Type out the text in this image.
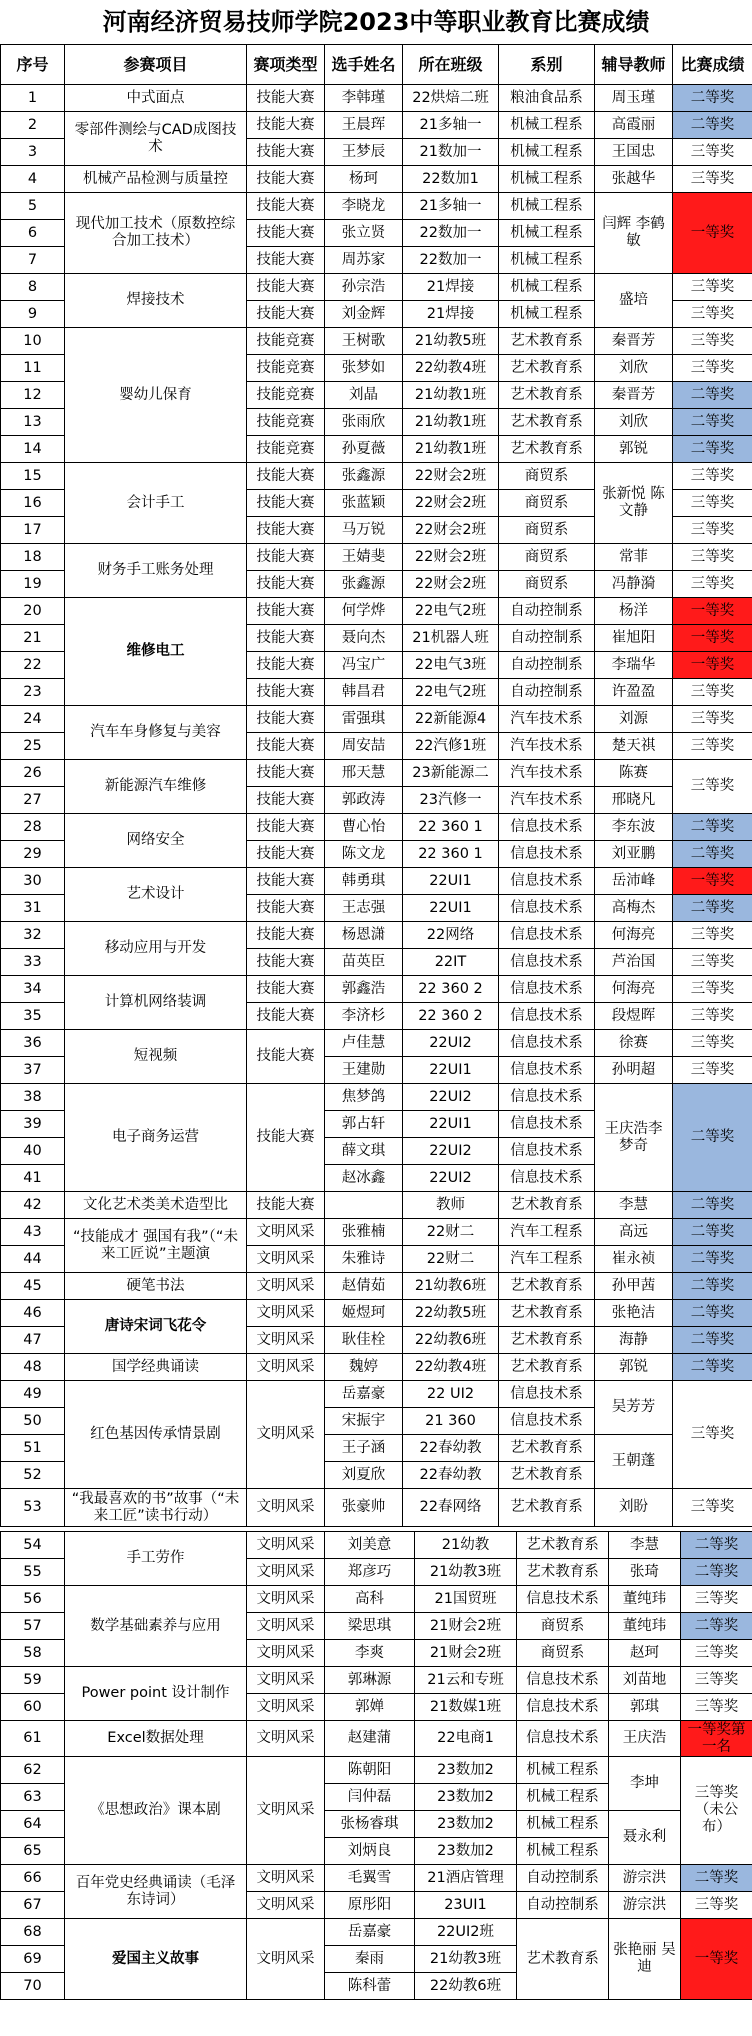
河南经济贸易技师学院2023中等职业教育比赛成绩
序号	参赛项目	赛项类型	选手姓名	所在班级	系别	辅导教师	比赛成绩
1	中式面点	技能大赛	李韩瑾	22烘焙二班	粮油食品系	周玉瑾	二等奖
2	零部件测绘与CAD成图技术	技能大赛	王晨珲	21多轴一	机械工程系	高霞丽	二等奖
3		技能大赛	王梦辰	21数加一	机械工程系	王国忠	三等奖
4	机械产品检测与质量控	技能大赛	杨珂	22数加1	机械工程系	张越华	三等奖
5	现代加工技术（原数控综合加工技术）	技能大赛	李晓龙	21多轴一	机械工程系	闫辉 李鹤敏	一等奖
6		技能大赛	张立贤	22数加一	机械工程系		
7		技能大赛	周苏家	22数加一	机械工程系		
8	焊接技术	技能大赛	孙宗浩	21焊接	机械工程系	盛培	三等奖
9		技能大赛	刘金辉	21焊接	机械工程系		三等奖
10	婴幼儿保育	技能竞赛	王树歌	21幼教5班	艺术教育系	秦晋芳	三等奖
11		技能竞赛	张梦如	22幼教4班	艺术教育系	刘欣	三等奖
12		技能竞赛	刘晶	21幼教1班	艺术教育系	秦晋芳	二等奖
13		技能竞赛	张雨欣	21幼教1班	艺术教育系	刘欣	二等奖
14		技能竞赛	孙夏薇	21幼教1班	艺术教育系	郭锐	二等奖
15	会计手工	技能大赛	张鑫源	22财会2班	商贸系	张新悦 陈文静	三等奖
16		技能大赛	张蓝颖	22财会2班	商贸系		三等奖
17		技能大赛	马万锐	22财会2班	商贸系		三等奖
18	财务手工账务处理	技能大赛	王婧斐	22财会2班	商贸系	常菲	三等奖
19		技能大赛	张鑫源	22财会2班	商贸系	冯静漪	三等奖
20	维修电工	技能大赛	何学烨	22电气2班	自动控制系	杨洋	一等奖
21		技能大赛	聂向杰	21机器人班	自动控制系	崔旭阳	一等奖
22		技能大赛	冯宝广	22电气3班	自动控制系	李瑞华	一等奖
23		技能大赛	韩昌君	22电气2班	自动控制系	许盈盈	三等奖
24	汽车车身修复与美容	技能大赛	雷强琪	22新能源4	汽车技术系	刘源	三等奖
25		技能大赛	周安喆	22汽修1班	汽车技术系	楚天祺	三等奖
26	新能源汽车维修	技能大赛	邢天慧	23新能源二	汽车技术系	陈赛	三等奖
27		技能大赛	郭政涛	23汽修一	汽车技术系	邢晓凡	
28	网络安全	技能大赛	曹心怡	22 360 1	信息技术系	李东波	二等奖
29		技能大赛	陈文龙	22 360 1	信息技术系	刘亚鹏	二等奖
30	艺术设计	技能大赛	韩勇琪	22UI1	信息技术系	岳沛峰	一等奖
31		技能大赛	王志强	22UI1	信息技术系	高梅杰	二等奖
32	移动应用与开发	技能大赛	杨恩潇	22网络	信息技术系	何海亮	三等奖
33		技能大赛	苗英臣	22IT	信息技术系	芦治国	三等奖
34	计算机网络装调	技能大赛	郭鑫浩	22 360 2	信息技术系	何海亮	三等奖
35		技能大赛	李济杉	22 360 2	信息技术系	段煜晖	三等奖
36	短视频	技能大赛	卢佳慧	22UI2	信息技术系	徐赛	三等奖
37			王建勋	22UI1	信息技术系	孙明超	三等奖
38	电子商务运营	技能大赛	焦梦鸽	22UI2	信息技术系	王庆浩李梦奇	二等奖
39			郭占轩	22UI1	信息技术系		
40			薛文琪	22UI2	信息技术系		
41			赵冰鑫	22UI2	信息技术系		
42	文化艺术类美术造型比	技能大赛		教师	艺术教育系	李慧	二等奖
43	“技能成才 强国有我”（“未来工匠说”主题演	文明风采	张雅楠	22财二	汽车工程系	高远	二等奖
44		文明风采	朱雅诗	22财二	汽车工程系	崔永祯	二等奖
45	硬笔书法	文明风采	赵倩茹	21幼教6班	艺术教育系	孙甲茜	二等奖
46	唐诗宋词飞花令	文明风采	姬煜珂	22幼教5班	艺术教育系	张艳洁	二等奖
47		文明风采	耿佳栓	22幼教6班	艺术教育系	海静	二等奖
48	国学经典诵读	文明风采	魏婷	22幼教4班	艺术教育系	郭锐	二等奖
49	红色基因传承情景剧	文明风采	岳嘉豪	22 UI2	信息技术系	吴芳芳	三等奖
50			宋振宇	21 360	信息技术系		
51			王子涵	22春幼教	艺术教育系	王朝蓬	
52			刘夏欣	22春幼教	艺术教育系		
53	“我最喜欢的书”故事（“未来工匠”读书行动）	文明风采	张豪帅	22春网络	艺术教育系	刘盼	三等奖
54	手工劳作	文明风采	刘美意	21幼教	艺术教育系	李慧	二等奖
55		文明风采	郑彦巧	21幼教3班	艺术教育系	张琦	二等奖
56	数学基础素养与应用	文明风采	高科	21国贸班	信息技术系	董纯玮	三等奖
57		文明风采	梁思琪	21财会2班	商贸系	董纯玮	二等奖
58		文明风采	李爽	21财会2班	商贸系	赵珂	三等奖
59	Power point 设计制作	文明风采	郭琳源	21云和专班	信息技术系	刘苗地	三等奖
60		文明风采	郭婵	21数媒1班	信息技术系	郭琪	三等奖
61	Excel数据处理	文明风采	赵建蒲	22电商1	信息技术系	王庆浩	一等奖第一名
62	《思想政治》课本剧	文明风采	陈朝阳	23数加2	机械工程系	李坤	三等奖（未公布）
63			闫仲磊	23数加2	机械工程系		
64			张杨睿琪	23数加2	机械工程系	聂永利	
65			刘炳良	23数加2	机械工程系		
66	百年党史经典诵读（毛泽东诗词）	文明风采	毛翼雪	21酒店管理	自动控制系	游宗洪	二等奖
67		文明风采	原彤阳	23UI1	自动控制系	游宗洪	三等奖
68	爱国主义故事	文明风采	岳嘉豪	22UI2班	艺术教育系	张艳丽 吴迪	一等奖
69			秦雨	21幼教3班			
70			陈科蕾	22幼教6班			
